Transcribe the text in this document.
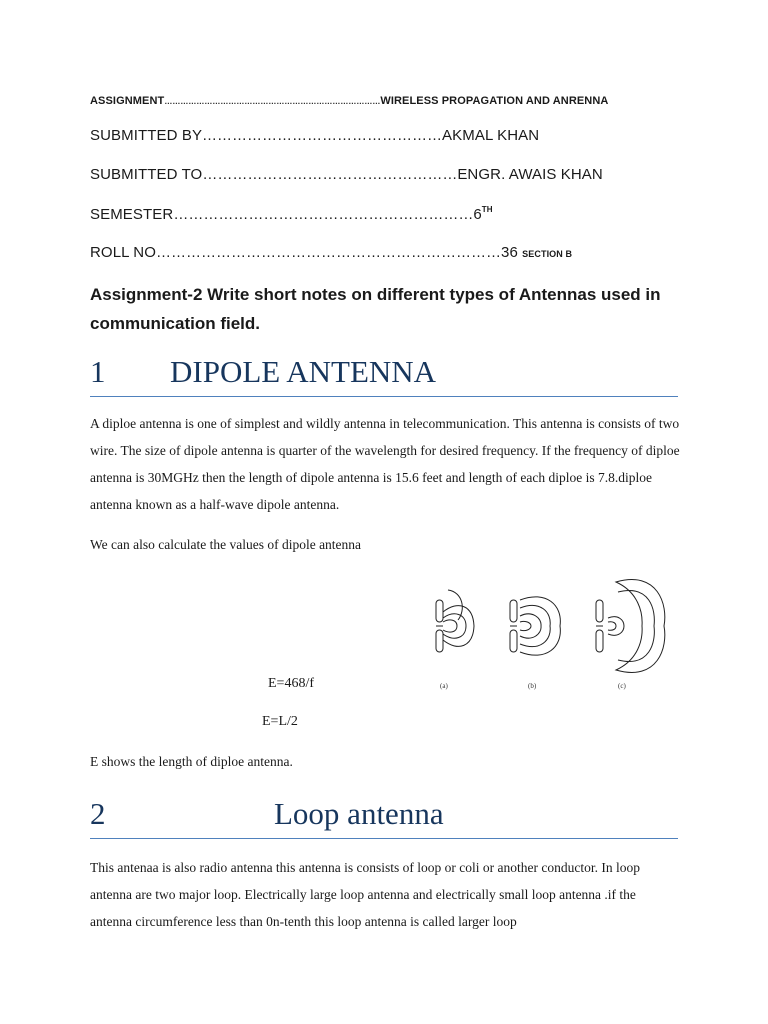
ASSIGNMENT………………………………………………………………………WIRELESS PROPAGATION AND ANRENNA
SUBMITTED BY…………………………………………AKMAL KHAN
SUBMITTED TO……………………………………………ENGR. AWAIS KHAN
SEMESTER……………………………………………………6TH
ROLL NO……………………………………………………………36 SECTION B
Assignment-2 Write short notes on different types of Antennas used in communication field.
1 DIPOLE ANTENNA

A diploe antenna is one of simplest and wildly antenna in telecommunication. This antenna is consists of two wire. The size of dipole antenna is quarter of the wavelength for desired frequency. If the frequency of diploe antenna is 30MGHz then the length of dipole antenna is 15.6 feet and length of each diploe is 7.8.diploe antenna known as a half-wave dipole antenna.

We can also calculate the values of dipole antenna

E=468/f
E=L/2
(a)	(b)	(c)

E shows the length of diploe antenna.

2	Loop antenna

This antenaa is also radio antenna this antenna is consists of loop or coli or another conductor. In loop antenna are two major loop. Electrically large loop antenna and electrically small loop antenna .if the antenna circumference less than 0n-tenth this loop antenna is called larger loop
